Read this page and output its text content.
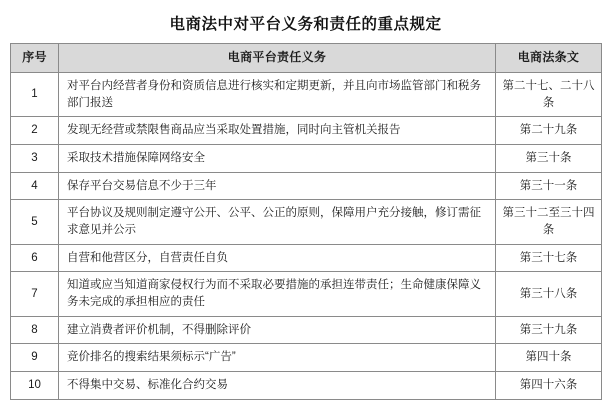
电商法中对平台义务和责任的重点规定
序号	电商平台责任义务	电商法条文
1	对平台内经营者身份和资质信息进行核实和定期更新，并且向市场监管部门和税务部门报送	第二十七、二十八条
2	发现无经营或禁限售商品应当采取处置措施，同时向主管机关报告	第二十九条
3	采取技术措施保障网络安全	第三十条
4	保存平台交易信息不少于三年	第三十一条
5	平台协议及规则制定遵守公开、公平、公正的原则，保障用户充分接触，修订需征求意见并公示	第三十二至三十四条
6	自营和他营区分，自营责任自负	第三十七条
7	知道或应当知道商家侵权行为而不采取必要措施的承担连带责任；生命健康保障义务未完成的承担相应的责任	第三十八条
8	建立消费者评价机制，不得删除评价	第三十九条
9	竞价排名的搜索结果须标示“广告”	第四十条
10	不得集中交易、标准化合约交易	第四十六条
